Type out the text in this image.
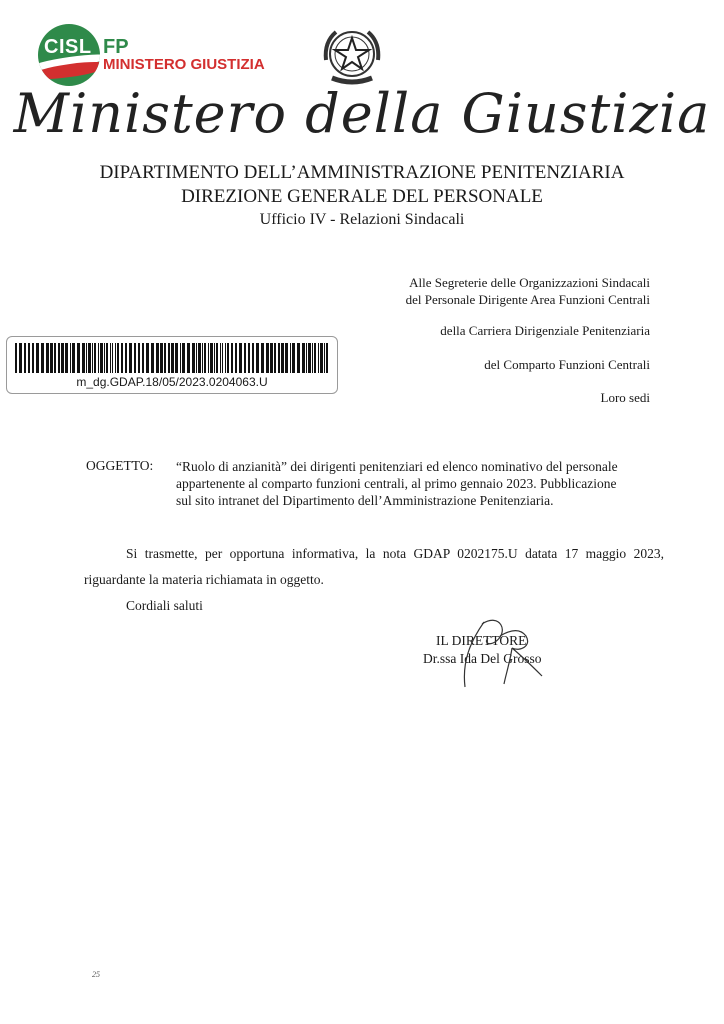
CISL FP
MINISTERO GIUSTIZIA
Ministero della Giustizia
DIPARTIMENTO DELL’AMMINISTRAZIONE PENITENZIARIA
DIREZIONE GENERALE DEL PERSONALE
Ufficio IV - Relazioni Sindacali
Alle Segreterie delle Organizzazioni Sindacali
del Personale Dirigente Area Funzioni Centrali
della Carriera Dirigenziale Penitenziaria
del Comparto Funzioni Centrali
Loro sedi
m_dg.GDAP.18/05/2023.0204063.U
OGGETTO: “Ruolo di anzianità” dei dirigenti penitenziari ed elenco nominativo del personale
appartenente al comparto funzioni centrali, al primo gennaio 2023. Pubblicazione
sul sito intranet del Dipartimento dell’Amministrazione Penitenziaria.
Si trasmette, per opportuna informativa, la nota GDAP 0202175.U datata 17 maggio 2023, riguardante la materia richiamata in oggetto.
Cordiali saluti
IL DIRETTORE
Dr.ssa Ida Del Grosso
25
